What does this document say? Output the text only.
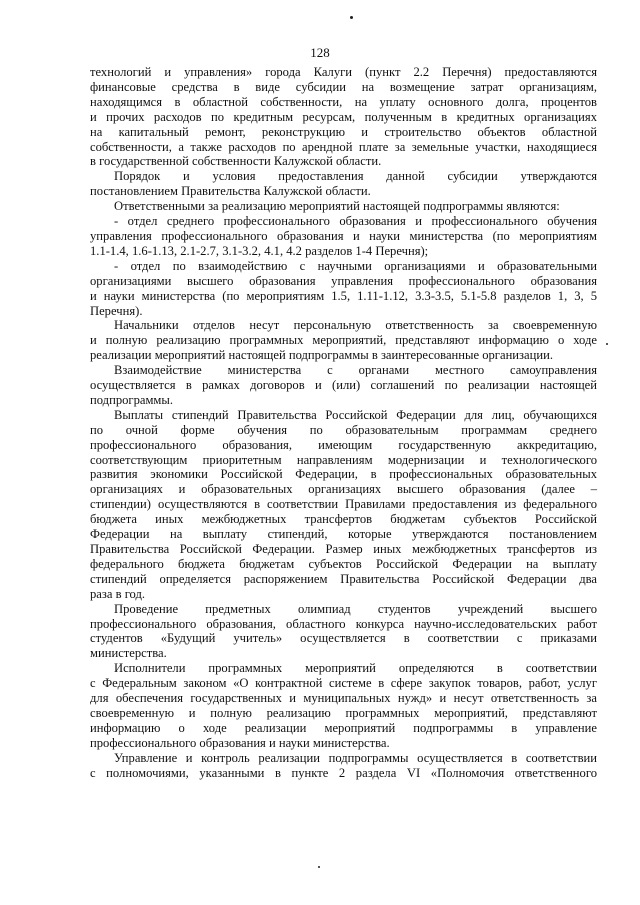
128
технологий и управления» города Калуги (пункт 2.2 Перечня) предоставляются
финансовые средства в виде субсидии на возмещение затрат организациям,
находящимся в областной собственности, на уплату основного долга, процентов
и прочих расходов по кредитным ресурсам, полученным в кредитных организациях
на капитальный ремонт, реконструкцию и строительство объектов областной
собственности, а также расходов по арендной плате за земельные участки, находящиеся
в государственной собственности Калужской области.
Порядок и условия предоставления данной субсидии утверждаются
постановлением Правительства Калужской области.
Ответственными за реализацию мероприятий настоящей подпрограммы являются:
- отдел среднего профессионального образования и профессионального обучения
управления профессионального образования и науки министерства (по мероприятиям
1.1-1.4, 1.6-1.13, 2.1-2.7, 3.1-3.2, 4.1, 4.2 разделов 1-4 Перечня);
- отдел по взаимодействию с научными организациями и образовательными
организациями высшего образования управления профессионального образования
и науки министерства (по мероприятиям 1.5, 1.11-1.12, 3.3-3.5, 5.1-5.8 разделов 1, 3, 5
Перечня).
Начальники отделов несут персональную ответственность за своевременную
и полную реализацию программных мероприятий, представляют информацию о ходе
реализации мероприятий настоящей подпрограммы в заинтересованные организации.
Взаимодействие министерства с органами местного самоуправления
осуществляется в рамках договоров и (или) соглашений по реализации настоящей
подпрограммы.
Выплаты стипендий Правительства Российской Федерации для лиц, обучающихся
по очной форме обучения по образовательным программам среднего
профессионального образования, имеющим государственную аккредитацию,
соответствующим приоритетным направлениям модернизации и технологического
развития экономики Российской Федерации, в профессиональных образовательных
организациях и образовательных организациях высшего образования (далее –
стипендии) осуществляются в соответствии Правилами предоставления из федерального
бюджета иных межбюджетных трансфертов бюджетам субъектов Российской
Федерации на выплату стипендий, которые утверждаются постановлением
Правительства Российской Федерации. Размер иных межбюджетных трансфертов из
федерального бюджета бюджетам субъектов Российской Федерации на выплату
стипендий определяется распоряжением Правительства Российской Федерации два
раза в год.
Проведение предметных олимпиад студентов учреждений высшего
профессионального образования, областного конкурса научно-исследовательских работ
студентов «Будущий учитель» осуществляется в соответствии с приказами
министерства.
Исполнители программных мероприятий определяются в соответствии
с Федеральным законом «О контрактной системе в сфере закупок товаров, работ, услуг
для обеспечения государственных и муниципальных нужд» и несут ответственность за
своевременную и полную реализацию программных мероприятий, представляют
информацию о ходе реализации мероприятий подпрограммы в управление
профессионального образования и науки министерства.
Управление и контроль реализации подпрограммы осуществляется в соответствии
с полномочиями, указанными в пункте 2 раздела VI «Полномочия ответственного
